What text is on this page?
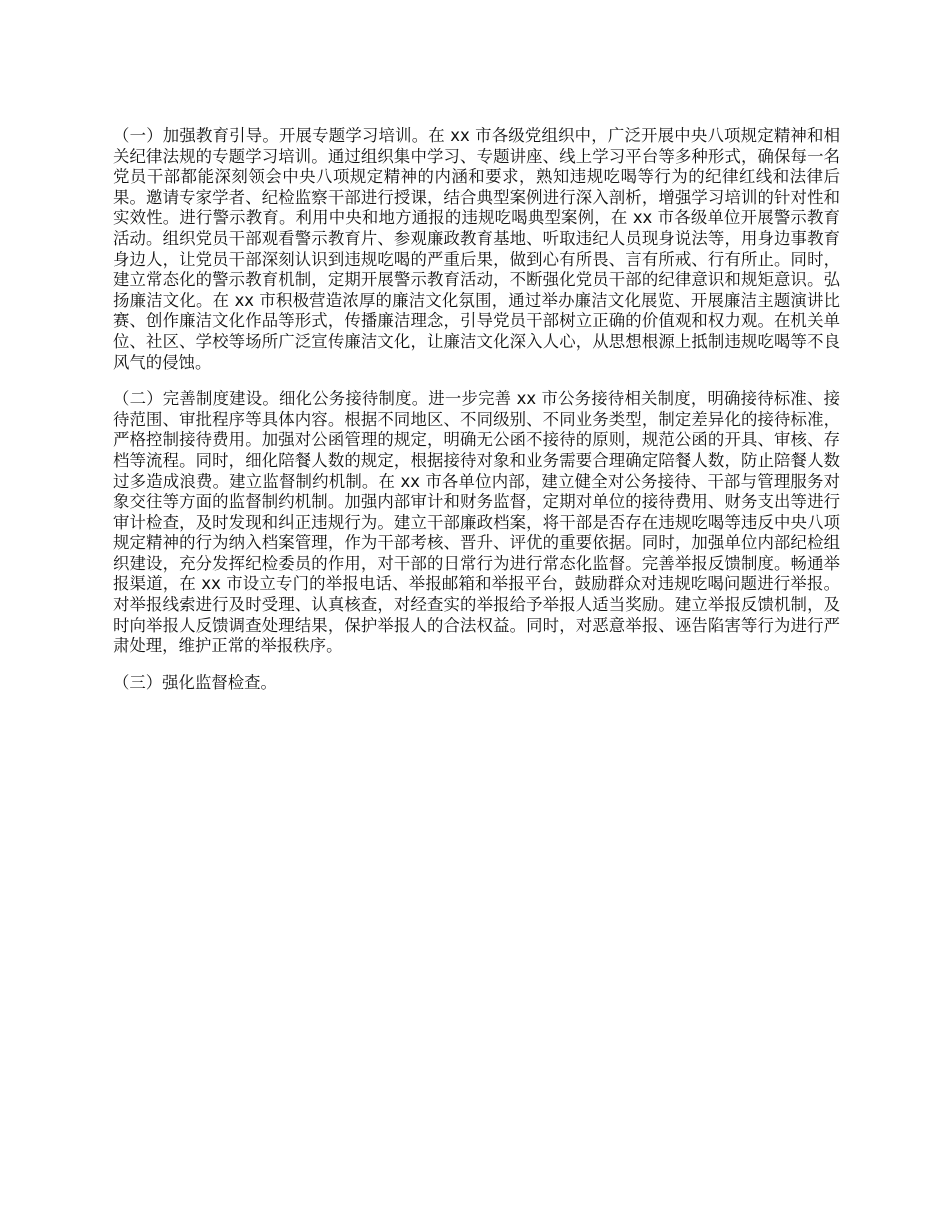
（一）加强教育引导。开展专题学习培训。在 xx 市各级党组织中，广泛开展中央八项规定精神和相关纪律法规的专题学习培训。通过组织集中学习、专题讲座、线上学习平台等多种形式，确保每一名党员干部都能深刻领会中央八项规定精神的内涵和要求，熟知违规吃喝等行为的纪律红线和法律后果。邀请专家学者、纪检监察干部进行授课，结合典型案例进行深入剖析，增强学习培训的针对性和实效性。进行警示教育。利用中央和地方通报的违规吃喝典型案例，在 xx 市各级单位开展警示教育活动。组织党员干部观看警示教育片、参观廉政教育基地、听取违纪人员现身说法等，用身边事教育身边人，让党员干部深刻认识到违规吃喝的严重后果，做到心有所畏、言有所戒、行有所止。同时，建立常态化的警示教育机制，定期开展警示教育活动，不断强化党员干部的纪律意识和规矩意识。弘扬廉洁文化。在 xx 市积极营造浓厚的廉洁文化氛围，通过举办廉洁文化展览、开展廉洁主题演讲比赛、创作廉洁文化作品等形式，传播廉洁理念，引导党员干部树立正确的价值观和权力观。在机关单位、社区、学校等场所广泛宣传廉洁文化，让廉洁文化深入人心，从思想根源上抵制违规吃喝等不良风气的侵蚀。

（二）完善制度建设。细化公务接待制度。进一步完善 xx 市公务接待相关制度，明确接待标准、接待范围、审批程序等具体内容。根据不同地区、不同级别、不同业务类型，制定差异化的接待标准，严格控制接待费用。加强对公函管理的规定，明确无公函不接待的原则，规范公函的开具、审核、存档等流程。同时，细化陪餐人数的规定，根据接待对象和业务需要合理确定陪餐人数，防止陪餐人数过多造成浪费。建立监督制约机制。在 xx 市各单位内部，建立健全对公务接待、干部与管理服务对象交往等方面的监督制约机制。加强内部审计和财务监督，定期对单位的接待费用、财务支出等进行审计检查，及时发现和纠正违规行为。建立干部廉政档案，将干部是否存在违规吃喝等违反中央八项规定精神的行为纳入档案管理，作为干部考核、晋升、评优的重要依据。同时，加强单位内部纪检组织建设，充分发挥纪检委员的作用，对干部的日常行为进行常态化监督。完善举报反馈制度。畅通举报渠道，在 xx 市设立专门的举报电话、举报邮箱和举报平台，鼓励群众对违规吃喝问题进行举报。对举报线索进行及时受理、认真核查，对经查实的举报给予举报人适当奖励。建立举报反馈机制，及时向举报人反馈调查处理结果，保护举报人的合法权益。同时，对恶意举报、诬告陷害等行为进行严肃处理，维护正常的举报秩序。

（三）强化监督检查。
